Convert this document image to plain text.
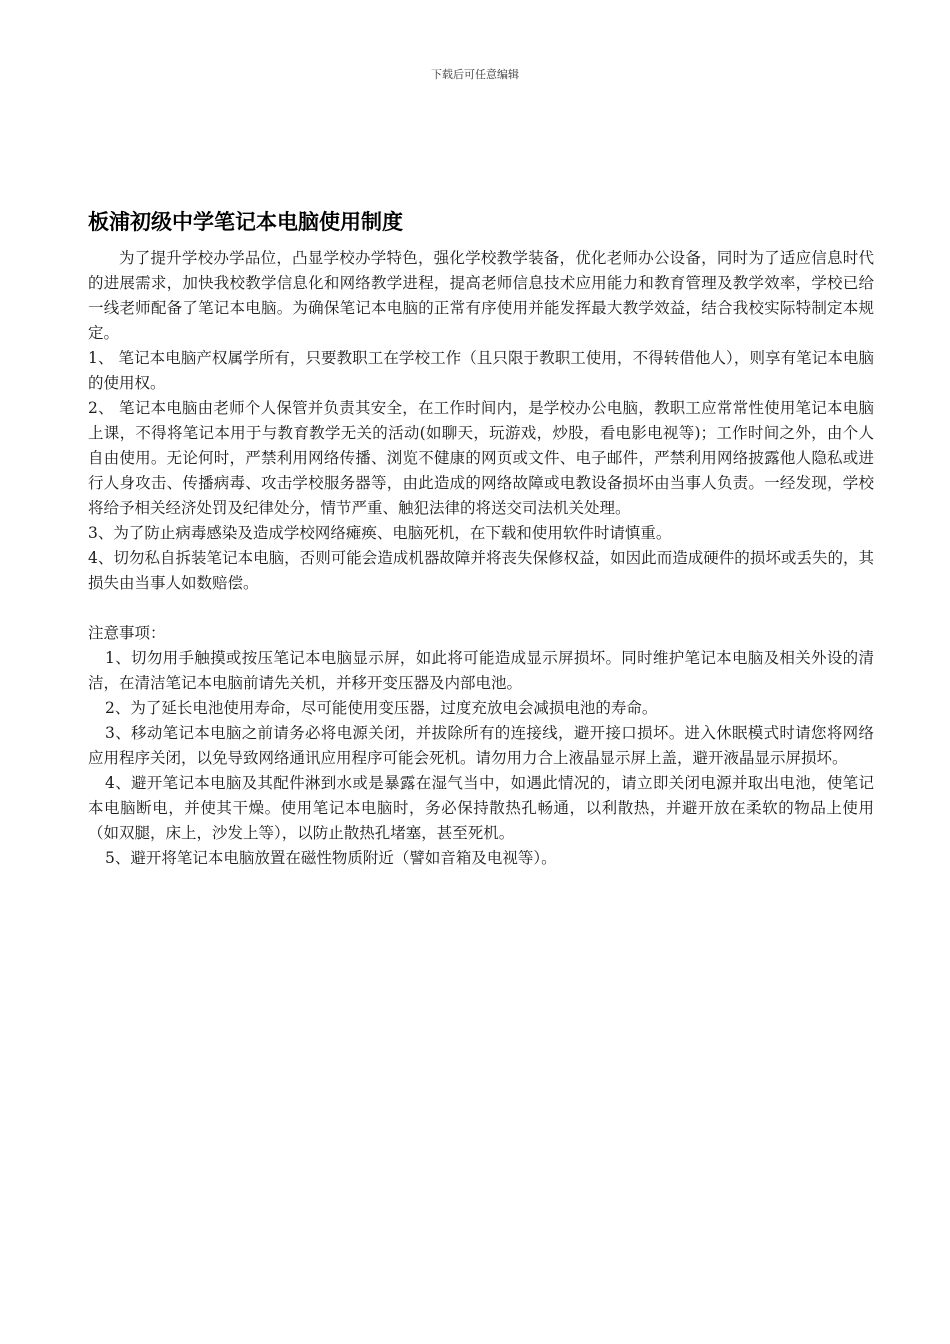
下载后可任意编辑
板浦初级中学笔记本电脑使用制度

为了提升学校办学品位，凸显学校办学特色，强化学校教学装备，优化老师办公设备，同时为了适应信息时代的进展需求，加快我校教学信息化和网络教学进程，提高老师信息技术应用能力和教育管理及教学效率，学校已给一线老师配备了笔记本电脑。为确保笔记本电脑的正常有序使用并能发挥最大教学效益，结合我校实际特制定本规定。

1、 笔记本电脑产权属学所有，只要教职工在学校工作（且只限于教职工使用，不得转借他人），则享有笔记本电脑的使用权。

2、 笔记本电脑由老师个人保管并负责其安全，在工作时间内，是学校办公电脑，教职工应常常性使用笔记本电脑上课，不得将笔记本用于与教育教学无关的活动(如聊天，玩游戏，炒股，看电影电视等)；工作时间之外，由个人自由使用。无论何时，严禁利用网络传播、浏览不健康的网页或文件、电子邮件，严禁利用网络披露他人隐私或进行人身攻击、传播病毒、攻击学校服务器等，由此造成的网络故障或电教设备损坏由当事人负责。一经发现，学校将给予相关经济处罚及纪律处分，情节严重、触犯法律的将送交司法机关处理。

3、为了防止病毒感染及造成学校网络瘫痪、电脑死机，在下载和使用软件时请慎重。

4、切勿私自拆装笔记本电脑，否则可能会造成机器故障并将丧失保修权益，如因此而造成硬件的损坏或丢失的，其损失由当事人如数赔偿。

注意事项：

1、切勿用手触摸或按压笔记本电脑显示屏，如此将可能造成显示屏损坏。同时维护笔记本电脑及相关外设的清洁，在清洁笔记本电脑前请先关机，并移开变压器及内部电池。

2、为了延长电池使用寿命，尽可能使用变压器，过度充放电会减损电池的寿命。

3、移动笔记本电脑之前请务必将电源关闭，并拔除所有的连接线，避开接口损坏。进入休眠模式时请您将网络应用程序关闭，以免导致网络通讯应用程序可能会死机。请勿用力合上液晶显示屏上盖，避开液晶显示屏损坏。

4、避开笔记本电脑及其配件淋到水或是暴露在湿气当中，如遇此情况的，请立即关闭电源并取出电池，使笔记本电脑断电，并使其干燥。使用笔记本电脑时，务必保持散热孔畅通，以利散热，并避开放在柔软的物品上使用（如双腿，床上，沙发上等），以防止散热孔堵塞，甚至死机。

5、避开将笔记本电脑放置在磁性物质附近（譬如音箱及电视等）。
